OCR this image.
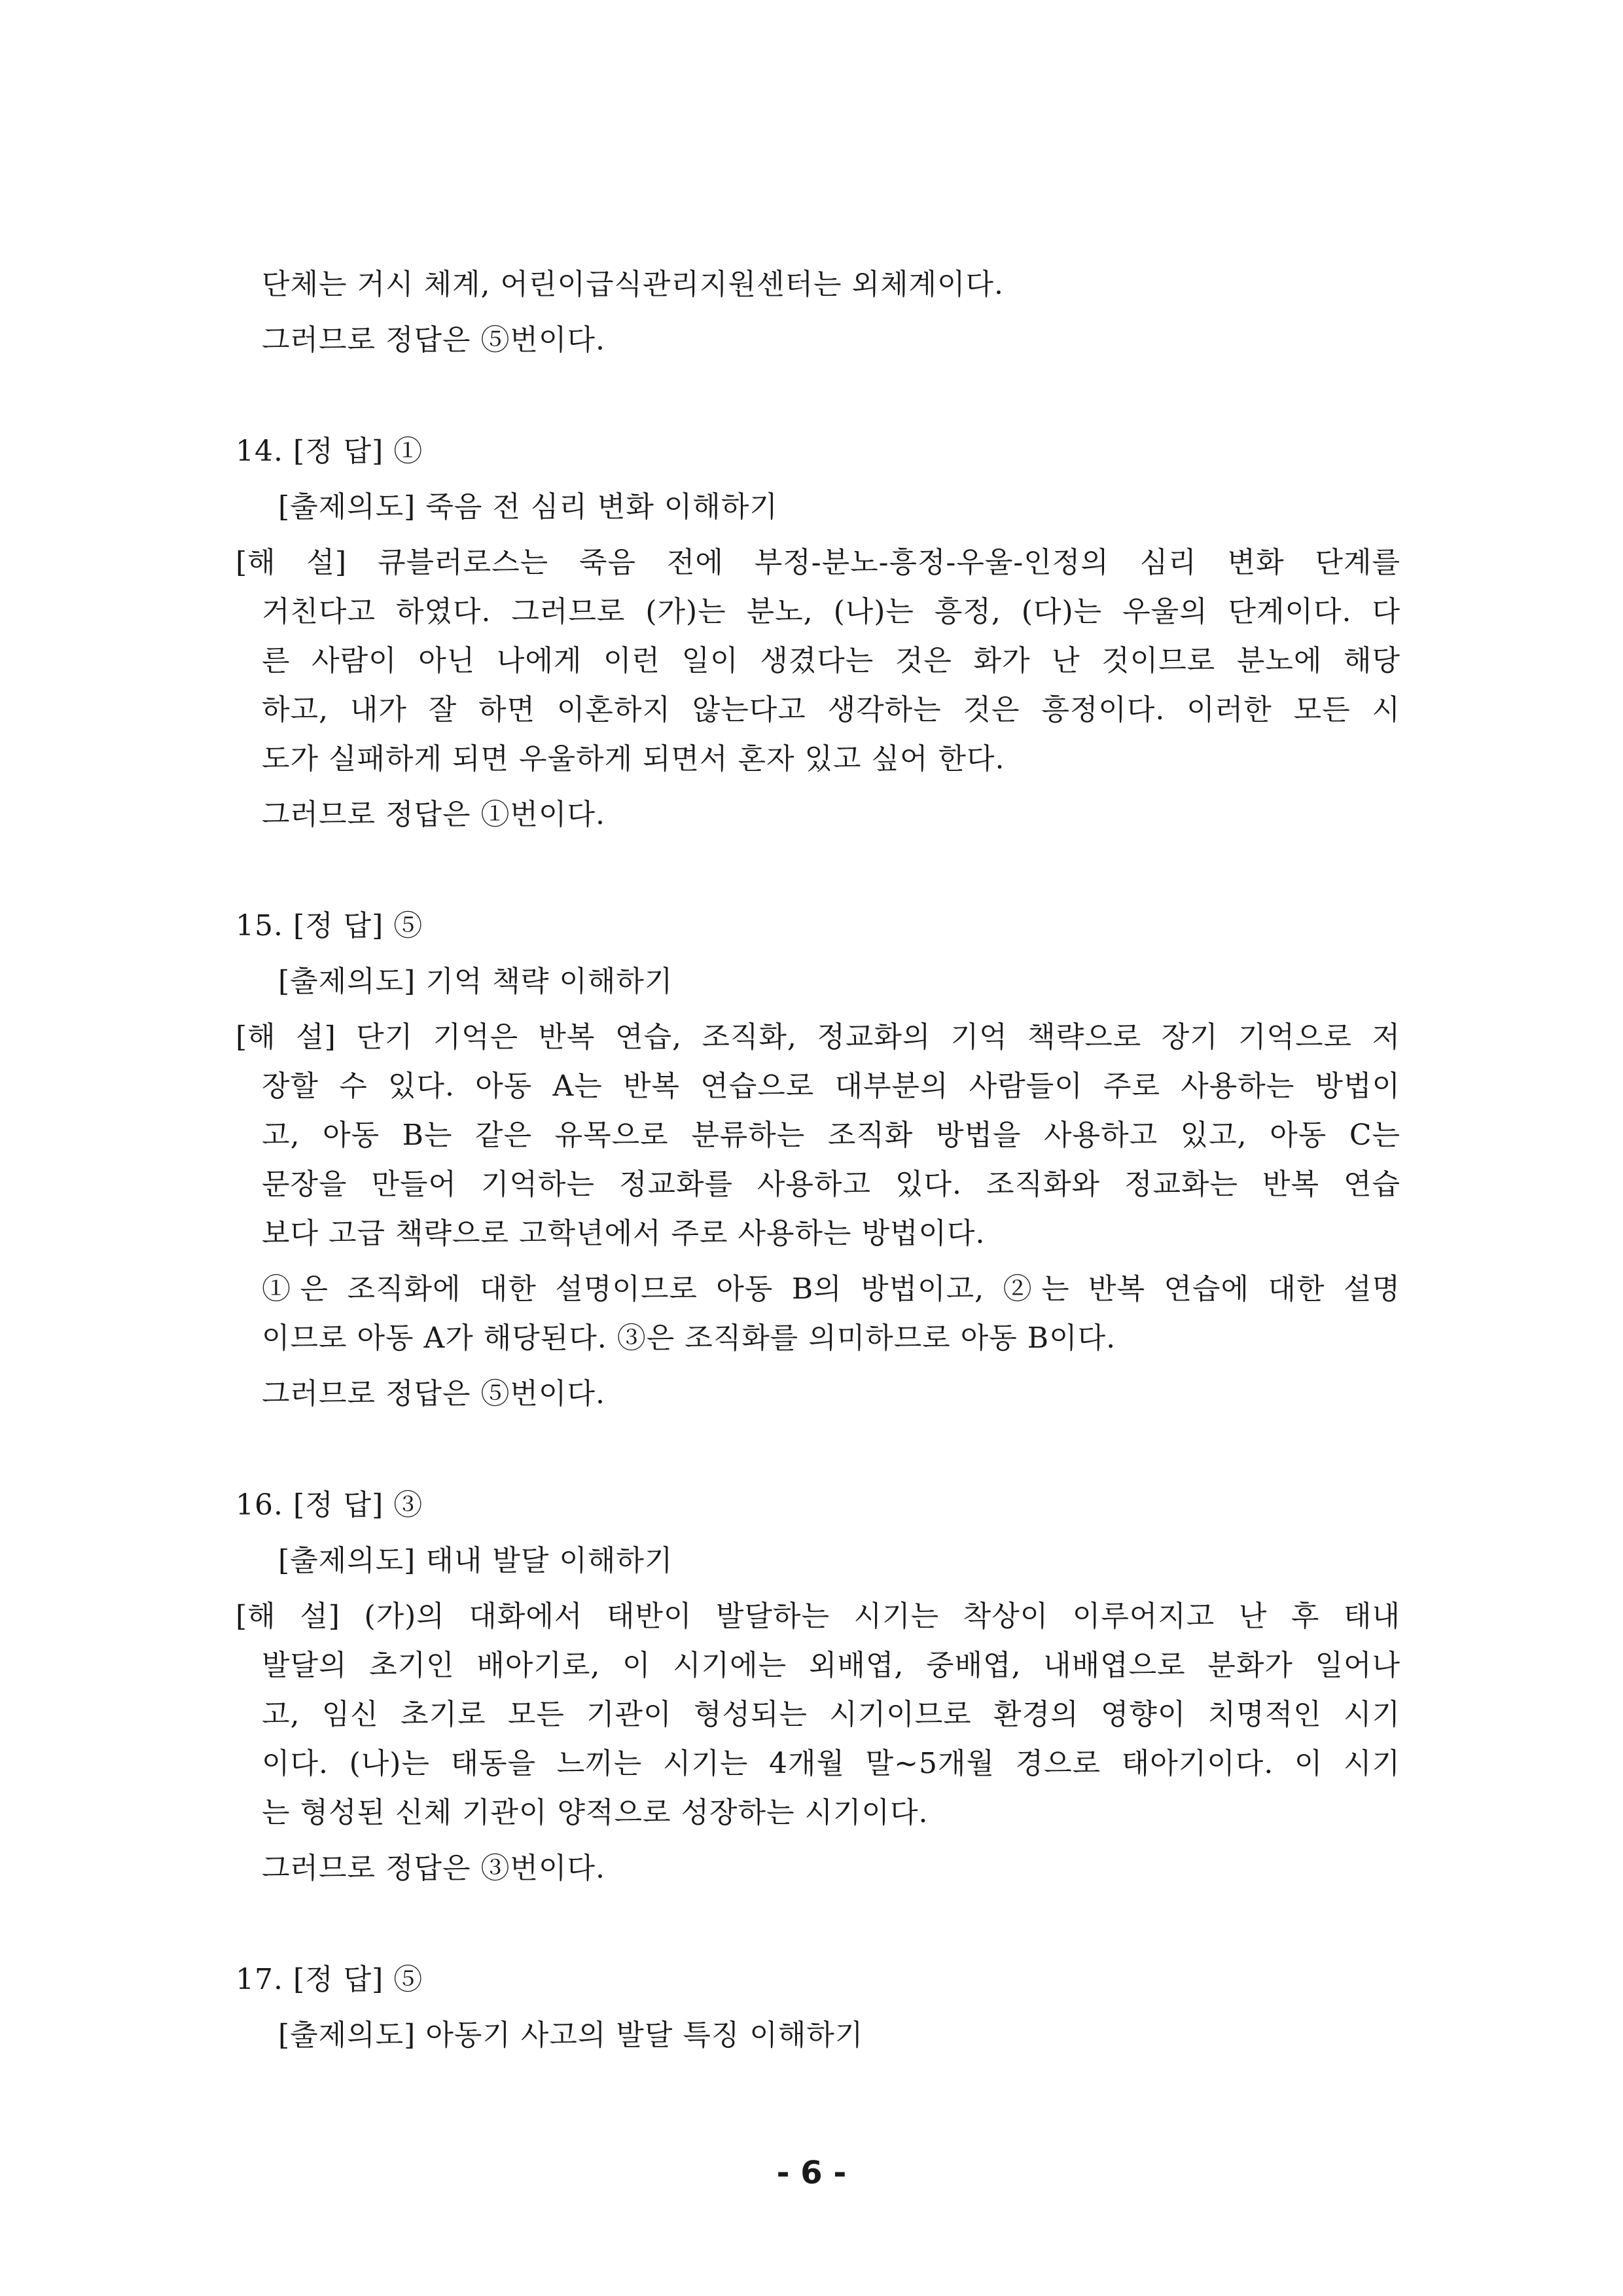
단체는 거시 체계, 어린이급식관리지원센터는 외체계이다.
그러므로 정답은 ⑤번이다.
14. [정 답] ①
[출제의도] 죽음 전 심리 변화 이해하기
[해 설] 큐블러로스는 죽음 전에 부정-분노-흥정-우울-인정의 심리 변화 단계를
거친다고 하였다. 그러므로 (가)는 분노, (나)는 흥정, (다)는 우울의 단계이다. 다
른 사람이 아닌 나에게 이런 일이 생겼다는 것은 화가 난 것이므로 분노에 해당
하고, 내가 잘 하면 이혼하지 않는다고 생각하는 것은 흥정이다. 이러한 모든 시
도가 실패하게 되면 우울하게 되면서 혼자 있고 싶어 한다.
그러므로 정답은 ①번이다.
15. [정 답] ⑤
[출제의도] 기억 책략 이해하기
[해 설] 단기 기억은 반복 연습, 조직화, 정교화의 기억 책략으로 장기 기억으로 저
장할 수 있다. 아동 A는 반복 연습으로 대부분의 사람들이 주로 사용하는 방법이
고, 아동 B는 같은 유목으로 분류하는 조직화 방법을 사용하고 있고, 아동 C는
문장을 만들어 기억하는 정교화를 사용하고 있다. 조직화와 정교화는 반복 연습
보다 고급 책략으로 고학년에서 주로 사용하는 방법이다.
①은 조직화에 대한 설명이므로 아동 B의 방법이고, ②는 반복 연습에 대한 설명
이므로 아동 A가 해당된다. ③은 조직화를 의미하므로 아동 B이다.
그러므로 정답은 ⑤번이다.
16. [정 답] ③
[출제의도] 태내 발달 이해하기
[해 설] (가)의 대화에서 태반이 발달하는 시기는 착상이 이루어지고 난 후 태내
발달의 초기인 배아기로, 이 시기에는 외배엽, 중배엽, 내배엽으로 분화가 일어나
고, 임신 초기로 모든 기관이 형성되는 시기이므로 환경의 영향이 치명적인 시기
이다. (나)는 태동을 느끼는 시기는 4개월 말~5개월 경으로 태아기이다. 이 시기
는 형성된 신체 기관이 양적으로 성장하는 시기이다.
그러므로 정답은 ③번이다.
17. [정 답] ⑤
[출제의도] 아동기 사고의 발달 특징 이해하기
- 6 -
